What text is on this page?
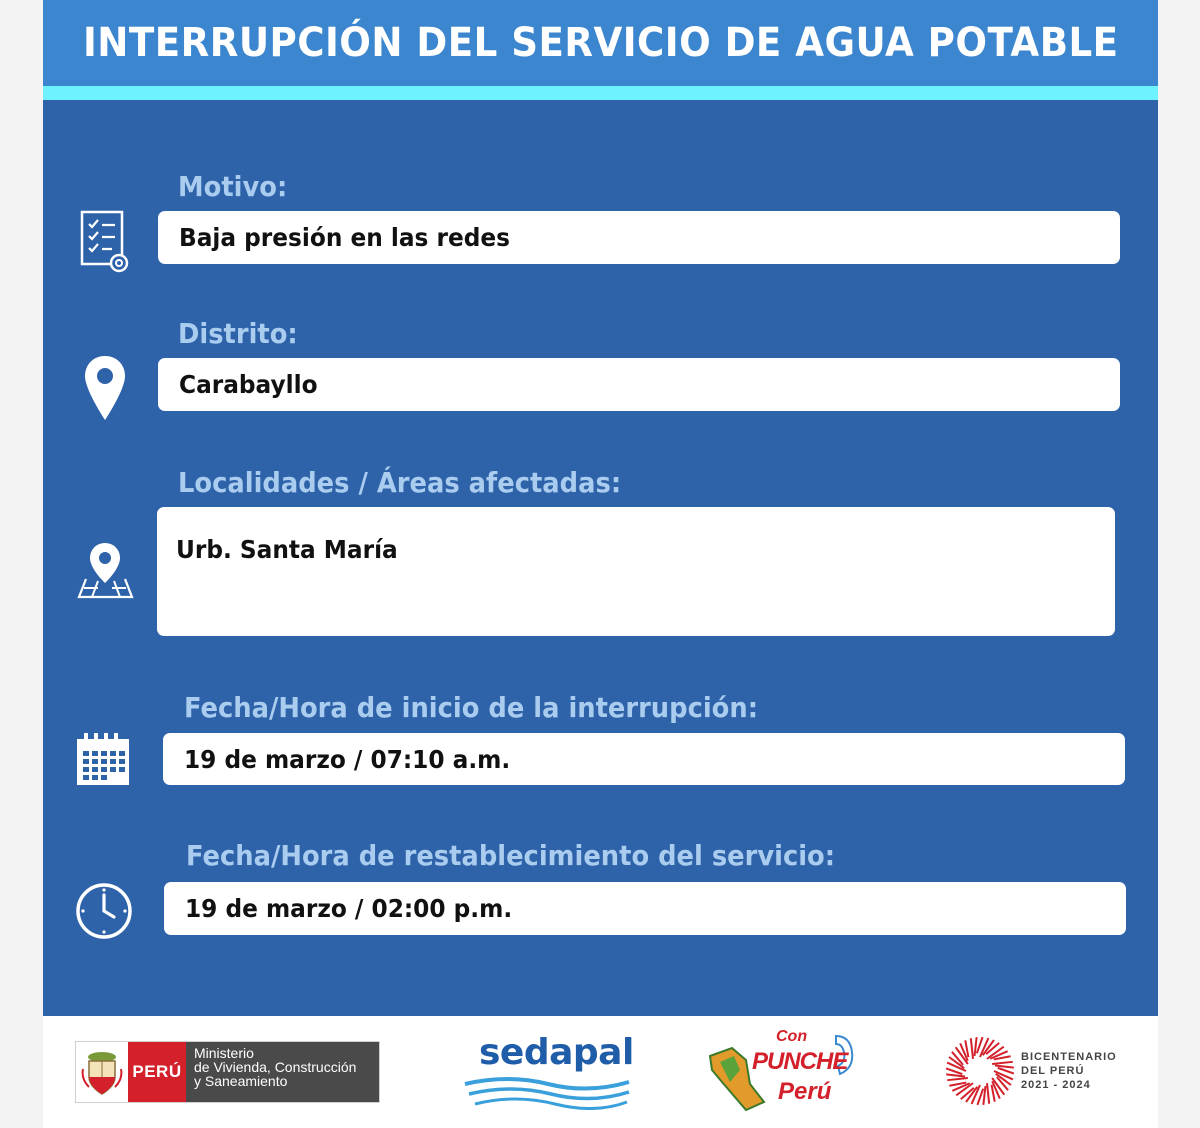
INTERRUPCIÓN DEL SERVICIO DE AGUA POTABLE
Motivo:
Baja presión en las redes
Distrito:
Carabayllo
Localidades / Áreas afectadas:
Urb. Santa María
Fecha/Hora de inicio de la interrupción:
19 de marzo / 07:10 a.m.
Fecha/Hora de restablecimiento del servicio:
19 de marzo / 02:00 p.m.
PERÚ
Ministerio
de Vivienda, Construcción
y Saneamiento
sedapal	Con
PUNCHE
Perú
BICENTENARIO
DEL PERÚ
2021 - 2024
